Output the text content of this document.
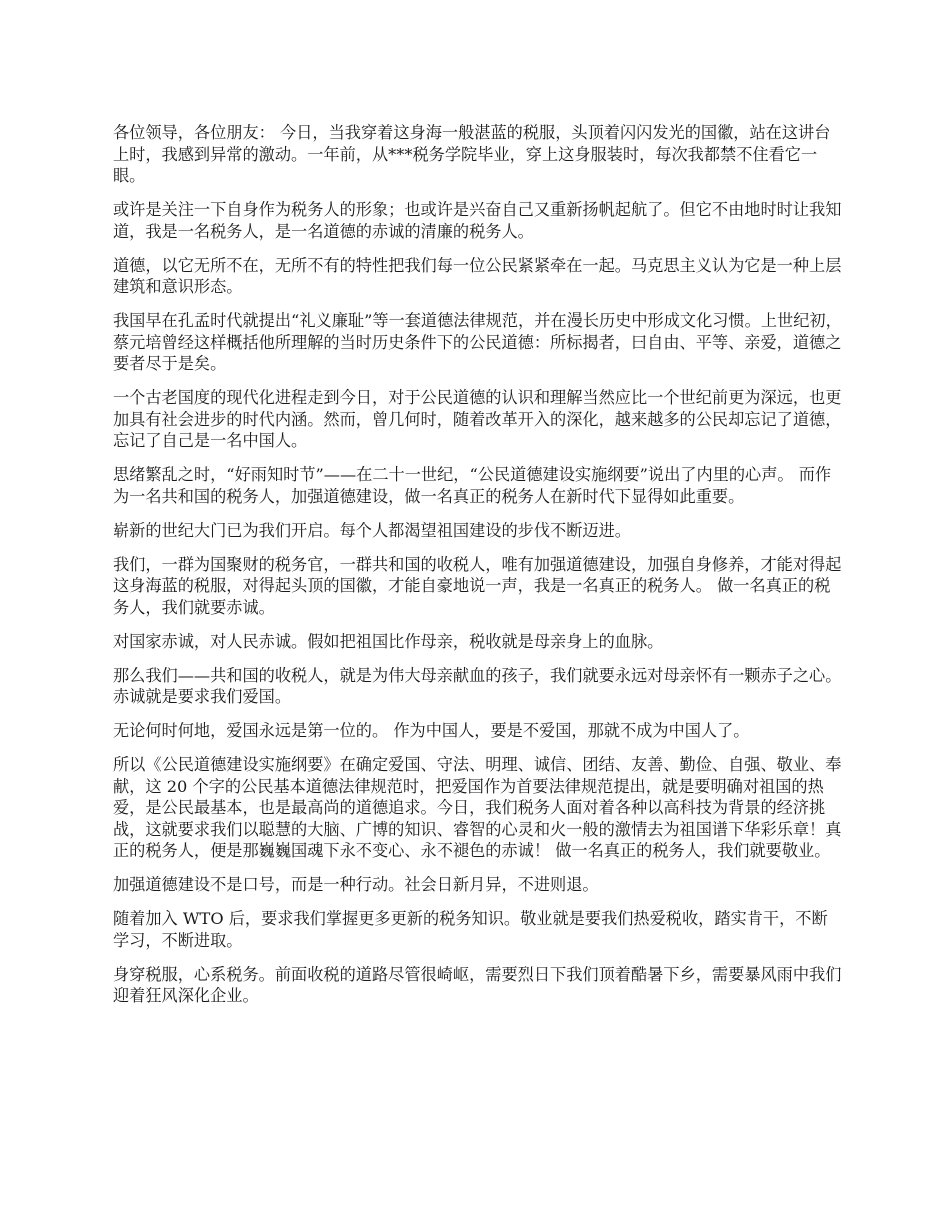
各位领导，各位朋友： 今日，当我穿着这身海一般湛蓝的税服，头顶着闪闪发光的国徽，站在这讲台上时，我感到异常的激动。一年前，从***税务学院毕业，穿上这身服装时，每次我都禁不住看它一眼。

或许是关注一下自身作为税务人的形象；也或许是兴奋自己又重新扬帆起航了。但它不由地时时让我知道，我是一名税务人，是一名道德的赤诚的清廉的税务人。

道德，以它无所不在，无所不有的特性把我们每一位公民紧紧牵在一起。马克思主义认为它是一种上层建筑和意识形态。

我国早在孔孟时代就提出“礼义廉耻”等一套道德法律规范，并在漫长历史中形成文化习惯。上世纪初，蔡元培曾经这样概括他所理解的当时历史条件下的公民道德：所标揭者，曰自由、平等、亲爱，道德之要者尽于是矣。

一个古老国度的现代化进程走到今日，对于公民道德的认识和理解当然应比一个世纪前更为深远，也更加具有社会进步的时代内涵。然而，曾几何时，随着改革开入的深化，越来越多的公民却忘记了道德，忘记了自己是一名中国人。

思绪繁乱之时，“好雨知时节”——在二十一世纪，“公民道德建设实施纲要”说出了内里的心声。 而作为一名共和国的税务人，加强道德建设，做一名真正的税务人在新时代下显得如此重要。

崭新的世纪大门已为我们开启。每个人都渴望祖国建设的步伐不断迈进。

我们，一群为国聚财的税务官，一群共和国的收税人，唯有加强道德建设，加强自身修养，才能对得起这身海蓝的税服，对得起头顶的国徽，才能自豪地说一声，我是一名真正的税务人。 做一名真正的税务人，我们就要赤诚。

对国家赤诚，对人民赤诚。假如把祖国比作母亲，税收就是母亲身上的血脉。

那么我们——共和国的收税人，就是为伟大母亲献血的孩子，我们就要永远对母亲怀有一颗赤子之心。赤诚就是要求我们爱国。

无论何时何地，爱国永远是第一位的。 作为中国人，要是不爱国，那就不成为中国人了。

所以《公民道德建设实施纲要》在确定爱国、守法、明理、诚信、团结、友善、勤俭、自强、敬业、奉献，这 20 个字的公民基本道德法律规范时，把爱国作为首要法律规范提出，就是要明确对祖国的热爱，是公民最基本，也是最高尚的道德追求。今日，我们税务人面对着各种以高科技为背景的经济挑战，这就要求我们以聪慧的大脑、广博的知识、睿智的心灵和火一般的激情去为祖国谱下华彩乐章！真正的税务人，便是那巍巍国魂下永不变心、永不褪色的赤诚！ 做一名真正的税务人，我们就要敬业。

加强道德建设不是口号，而是一种行动。社会日新月异，不进则退。

随着加入 WTO 后，要求我们掌握更多更新的税务知识。敬业就是要我们热爱税收，踏实肯干，不断学习，不断进取。

身穿税服，心系税务。前面收税的道路尽管很崎岖，需要烈日下我们顶着酷暑下乡，需要暴风雨中我们迎着狂风深化企业。
